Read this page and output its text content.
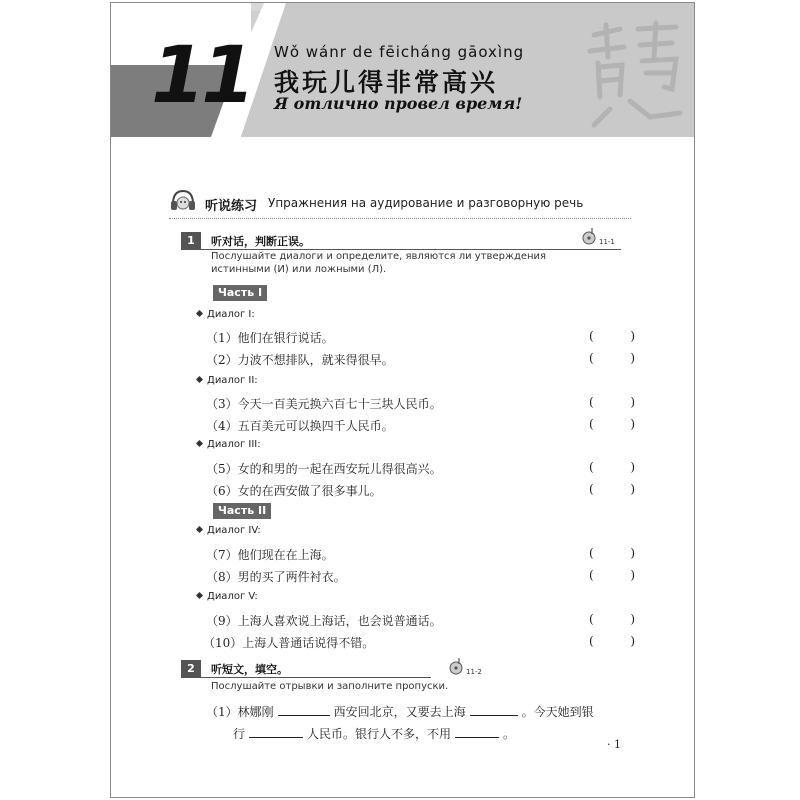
11	Wǒ wánr de fēicháng gāoxìng
我玩儿得非常高兴
Я отлично провел время!
听说练习 Упражнения на аудирование и разговорную речь
1	听对话，判断正误。	11-1
Послушайте диалоги и определите, являются ли утверждения истинными (И) или ложными (Л).
Часть I
Диалог I:
（1）他们在银行说话。	(	)
（2）力波不想排队，就来得很早。	(	)
Диалог II:
（3）今天一百美元换六百七十三块人民币。	(	)
（4）五百美元可以换四千人民币。	(	)
Диалог III:
（5）女的和男的一起在西安玩儿得很高兴。	(	)
（6）女的在西安做了很多事儿。	(	)
Часть II
Диалог IV:
（7）他们现在在上海。	(	)
（8）男的买了两件衬衣。	(	)
Диалог V:
（9）上海人喜欢说上海话，也会说普通话。	(	)
（10）上海人普通话说得不错。	(	)
2	听短文，填空。	11-2
Послушайте отрывки и заполните пропуски.
（1）林娜刚	西安回北京，又要去上海	。今天她到银
行	人民币。银行人不多，不用	。
· 1
